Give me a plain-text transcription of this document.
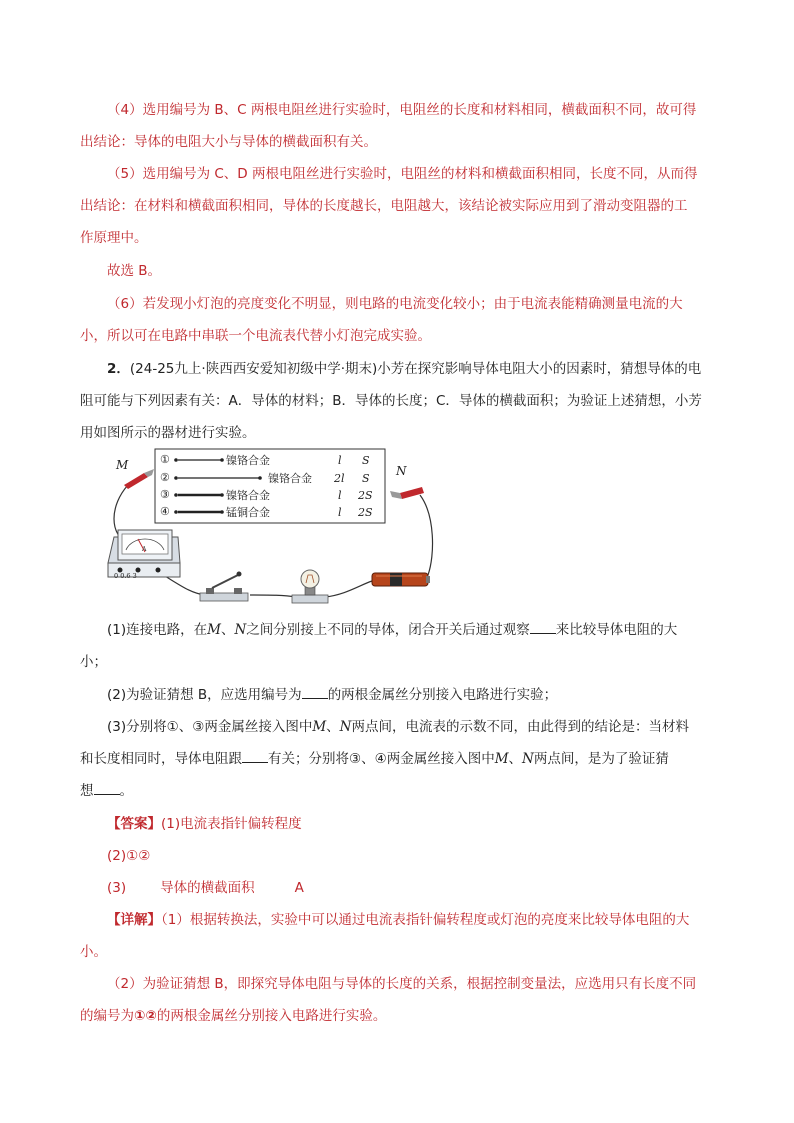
（4）选用编号为 B、C 两根电阻丝进行实验时，电阻丝的长度和材料相同，横截面积不同，故可得
出结论：导体的电阻大小与导体的横截面积有关。
（5）选用编号为 C、D 两根电阻丝进行实验时，电阻丝的材料和横截面积相同，长度不同，从而得
出结论：在材料和横截面积相同，导体的长度越长，电阻越大，该结论被实际应用到了滑动变阻器的工
作原理中。
故选 B。
（6）若发现小灯泡的亮度变化不明显，则电路的电流变化较小；由于电流表能精确测量电流的大
小，所以可在电路中串联一个电流表代替小灯泡完成实验。
2．(24-25九上·陕西西安爱知初级中学·期末)小芳在探究影响导体电阻大小的因素时，猜想导体的电
阻可能与下列因素有关：A．导体的材料；B．导体的长度；C．导体的横截面积；为验证上述猜想，小芳
用如图所示的器材进行实验。
M	N
①	镍铬合金	l S
②	镍铬合金 2l S
③	镍铬合金	l 2S
④	锰铜合金	l 2S
A
0 0.6 3
(1)连接电路，在M、N之间分别接上不同的导体，闭合开关后通过观察 来比较导体电阻的大
小；
(2)为验证猜想 B，应选用编号为 的两根金属丝分别接入电路进行实验；
(3)分别将①、③两金属丝接入图中M、N两点间，电流表的示数不同，由此得到的结论是：当材料
和长度相同时，导体电阻跟 有关；分别将③、④两金属丝接入图中M、N两点间，是为了验证猜
想 。
【答案】(1)电流表指针偏转程度
(2)①②
(3)	导体的横截面积	A
【详解】（1）根据转换法，实验中可以通过电流表指针偏转程度或灯泡的亮度来比较导体电阻的大
小。
（2）为验证猜想 B，即探究导体电阻与导体的长度的关系，根据控制变量法，应选用只有长度不同
的编号为①②的两根金属丝分别接入电路进行实验。
